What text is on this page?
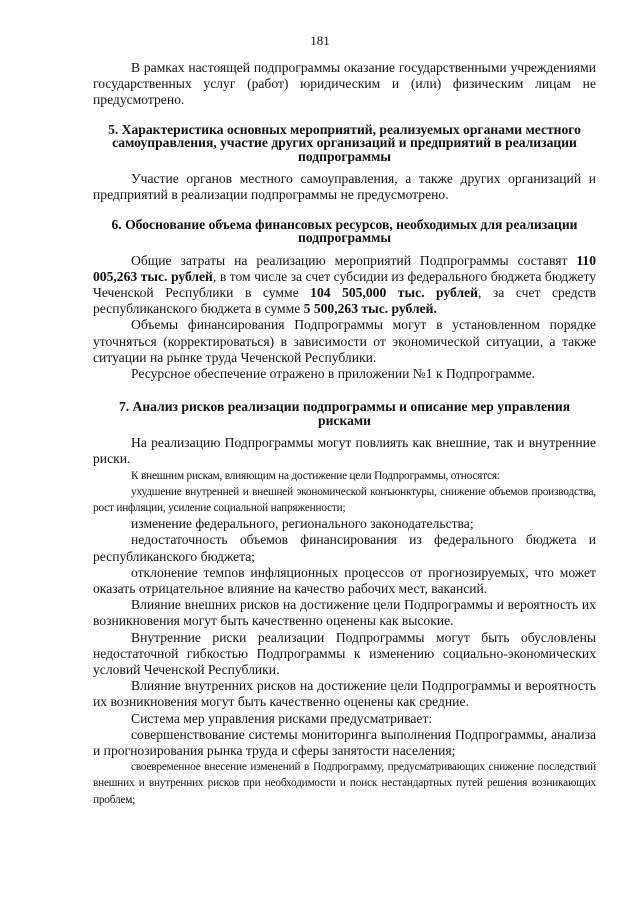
181

В рамках настоящей подпрограммы оказание государственными учреждениями государственных услуг (работ) юридическим и (или) физическим лицам не предусмотрено.

5. Характеристика основных мероприятий, реализуемых органами местного самоуправления, участие других организаций и предприятий в реализации подпрограммы

Участие органов местного самоуправления, а также других организаций и предприятий в реализации подпрограммы не предусмотрено.

6. Обоснование объема финансовых ресурсов, необходимых для реализации подпрограммы

Общие затраты на реализацию мероприятий Подпрограммы составят 110 005,263 тыс. рублей, в том числе за счет субсидии из федерального бюджета бюджету Чеченской Республики в сумме 104 505,000 тыс. рублей, за счет средств республиканского бюджета в сумме 5 500,263 тыс. рублей.

Объемы финансирования Подпрограммы могут в установленном порядке уточняться (корректироваться) в зависимости от экономической ситуации, а также ситуации на рынке труда Чеченской Республики.

Ресурсное обеспечение отражено в приложении №1 к Подпрограмме.

7. Анализ рисков реализации подпрограммы и описание мер управления рисками

На реализацию Подпрограммы могут повлиять как внешние, так и внутренние риски.

К внешним рискам, влияющим на достижение цели Подпрограммы, относятся:

ухудшение внутренней и внешней экономической конъюнктуры, снижение объемов производства, рост инфляции, усиление социальной напряженности;

изменение федерального, регионального законодательства;

недостаточность объемов финансирования из федерального бюджета и республиканского бюджета;

отклонение темпов инфляционных процессов от прогнозируемых, что может оказать отрицательное влияние на качество рабочих мест, вакансий.

Влияние внешних рисков на достижение цели Подпрограммы и вероятность их возникновения могут быть качественно оценены как высокие.

Внутренние риски реализации Подпрограммы могут быть обусловлены недостаточной гибкостью Подпрограммы к изменению социально-экономических условий Чеченской Республики.

Влияние внутренних рисков на достижение цели Подпрограммы и вероятность их возникновения могут быть качественно оценены как средние.

Система мер управления рисками предусматривает:

совершенствование системы мониторинга выполнения Подпрограммы, анализа и прогнозирования рынка труда и сферы занятости населения;

своевременное внесение изменений в Подпрограмму, предусматривающих снижение последствий внешних и внутренних рисков при необходимости и поиск нестандартных путей решения возникающих проблем;
